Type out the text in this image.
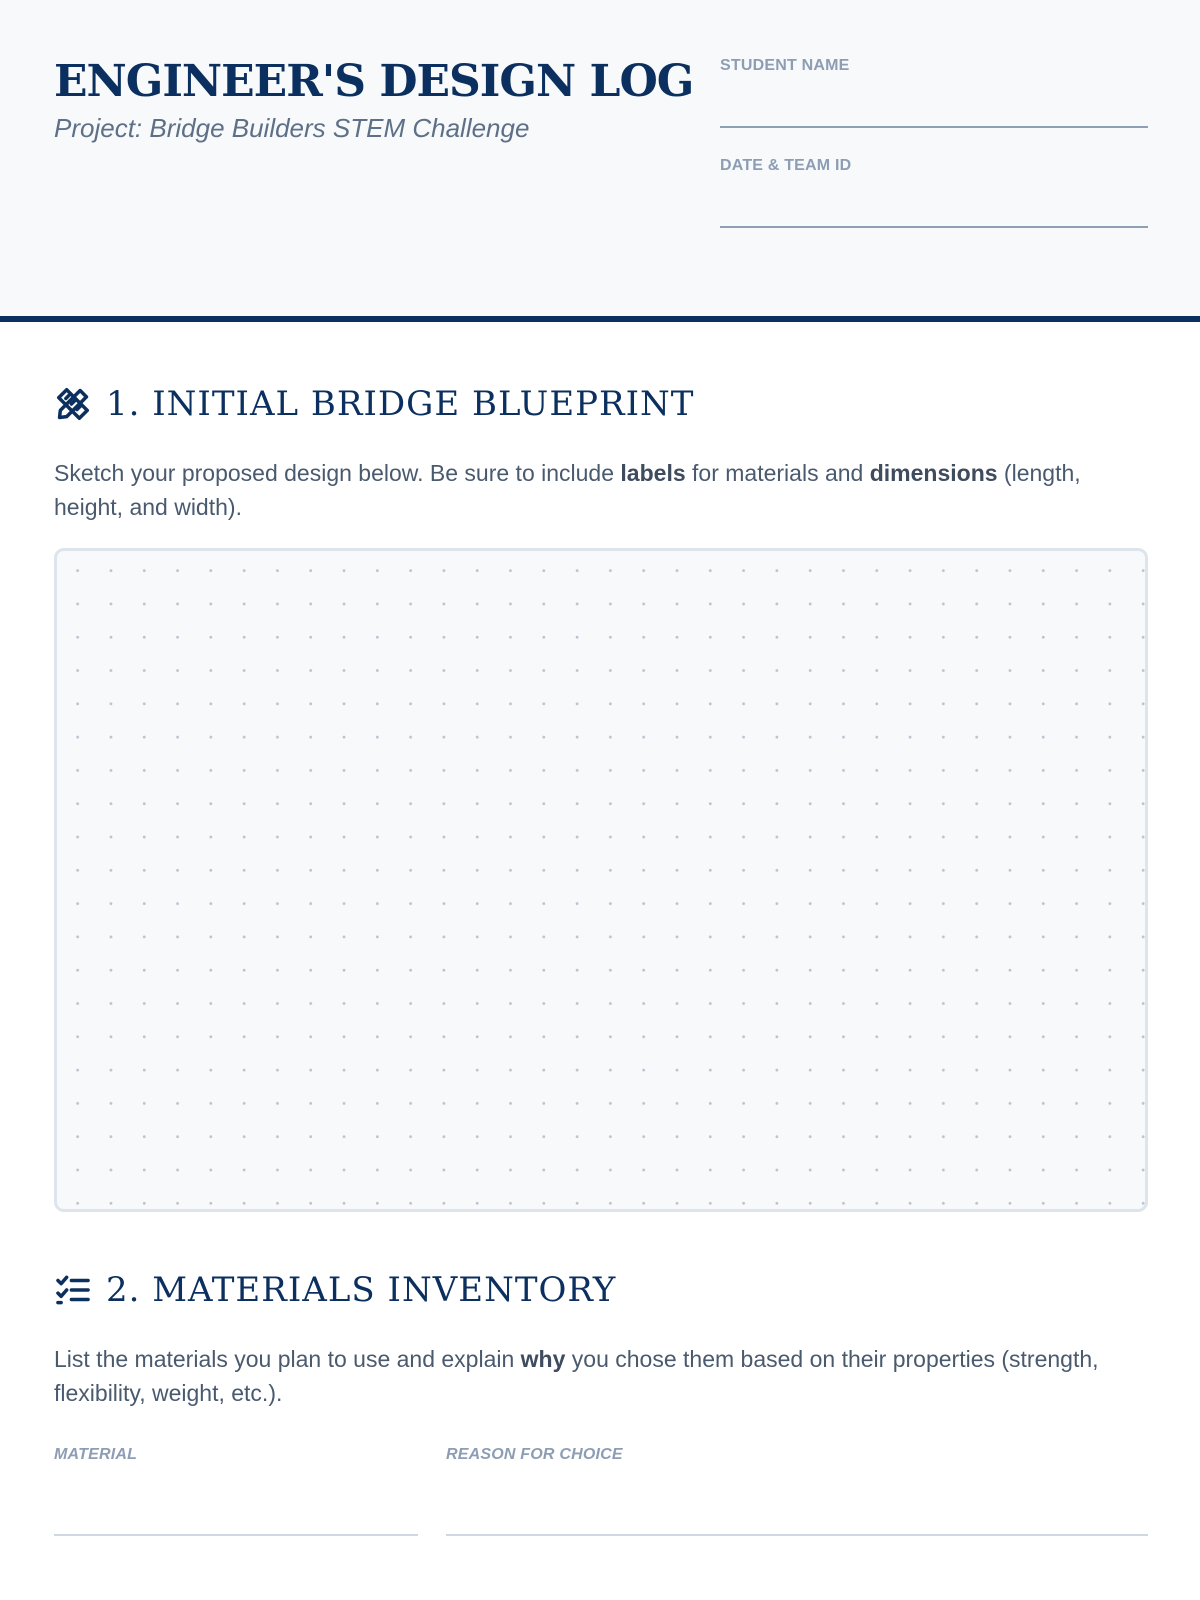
ENGINEER'S DESIGN LOG

Project: Bridge Builders STEM Challenge

STUDENT NAME
DATE & TEAM ID
1. INITIAL BRIDGE BLUEPRINT
Sketch your proposed design below. Be sure to include labels for materials and dimensions (length, height, and width).
2. MATERIALS INVENTORY
List the materials you plan to use and explain why you chose them based on their properties (strength, flexibility, weight, etc.).
MATERIAL	REASON FOR CHOICE
